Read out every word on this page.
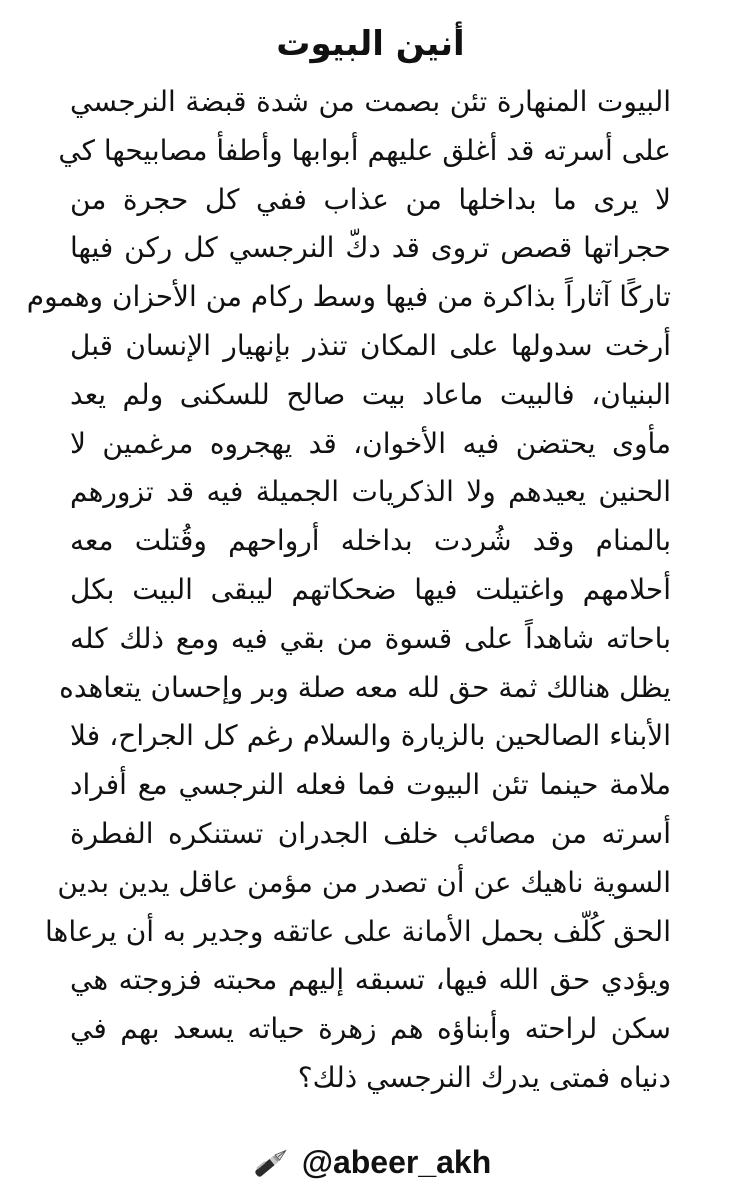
أنين البيوت
البيوت المنهارة تئن بصمت من شدة قبضة النرجسي
على أسرته قد أغلق عليهم أبوابها وأطفأ مصابيحها كي
لا يرى ما بداخلها من عذاب ففي كل حجرة من
حجراتها قصص تروى قد دكّ النرجسي كل ركن فيها
تاركًا آثاراً بذاكرة من فيها وسط ركام من الأحزان وهموم
أرخت سدولها على المكان تنذر بإنهيار الإنسان قبل
البنيان، فالبيت ماعاد بيت صالح للسكنى ولم يعد
مأوى يحتضن فيه الأخوان، قد يهجروه مرغمين لا
الحنين يعيدهم ولا الذكريات الجميلة فيه قد تزورهم
بالمنام وقد شُردت بداخله أرواحهم وقُتلت معه
أحلامهم واغتيلت فيها ضحكاتهم ليبقى البيت بكل
باحاته شاهداً على قسوة من بقي فيه ومع ذلك كله
يظل هنالك ثمة حق لله معه صلة وبر وإحسان يتعاهده
الأبناء الصالحين بالزيارة والسلام رغم كل الجراح، فلا
ملامة حينما تئن البيوت فما فعله النرجسي مع أفراد
أسرته من مصائب خلف الجدران تستنكره الفطرة
السوية ناهيك عن أن تصدر من مؤمن عاقل يدين بدين
الحق كُلّف بحمل الأمانة على عاتقه وجدير به أن يرعاها
ويؤدي حق الله فيها، تسبقه إليهم محبته فزوجته هي
سكن لراحته وأبناؤه هم زهرة حياته يسعد بهم في
دنياه فمتى يدرك النرجسي ذلك؟
@abeer_akh
